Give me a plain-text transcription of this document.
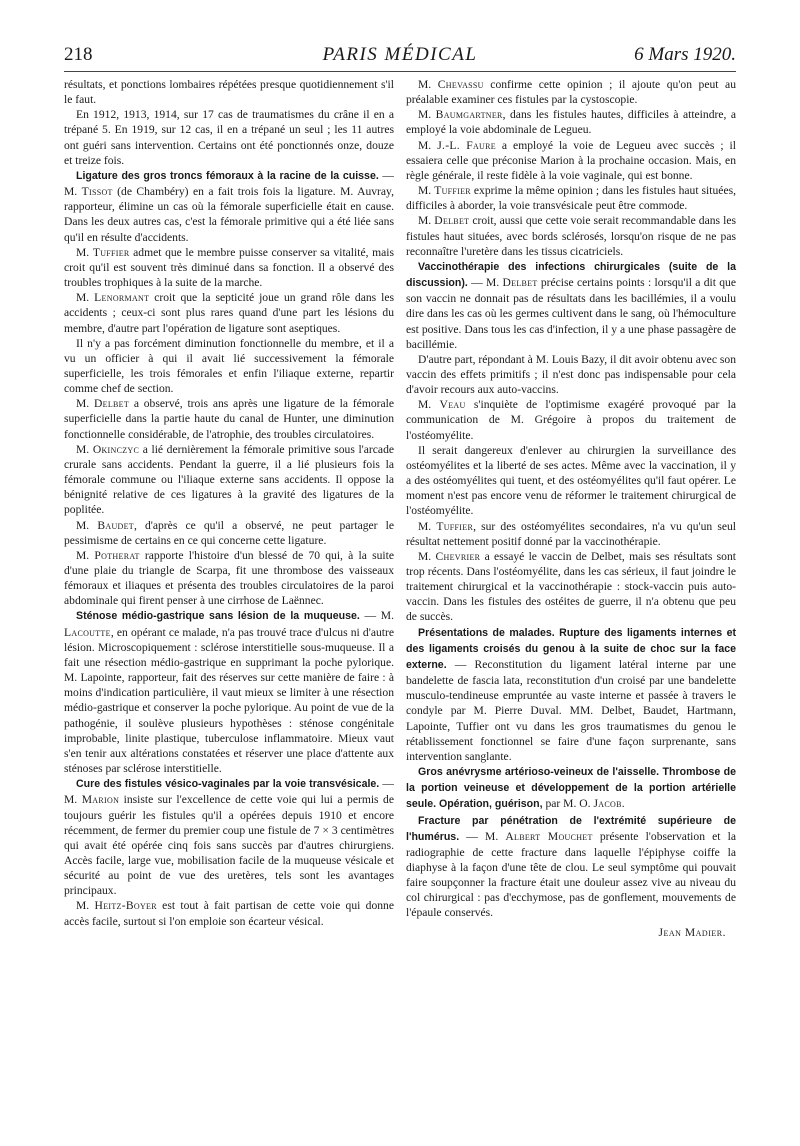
218	PARIS MÉDICAL	6 Mars 1920.

résultats, et ponctions lombaires répétées presque quotidiennement s'il le faut.

En 1912, 1913, 1914, sur 17 cas de traumatismes du crâne il en a trépané 5. En 1919, sur 12 cas, il en a trépané un seul ; les 11 autres ont guéri sans intervention. Certains ont été ponctionnés onze, douze et treize fois.

Ligature des gros troncs fémoraux à la racine de la cuisse. — M. Tissot (de Chambéry) en a fait trois fois la ligature. M. Auvray, rapporteur, élimine un cas où la fémorale superficielle était en cause. Dans les deux autres cas, c'est la fémorale primitive qui a été liée sans qu'il en résulte d'accidents.

M. Tuffier admet que le membre puisse conserver sa vitalité, mais croit qu'il est souvent très diminué dans sa fonction. Il a observé des troubles trophiques à la suite de la marche.

M. Lenormant croit que la septicité joue un grand rôle dans les accidents ; ceux-ci sont plus rares quand d'une part les lésions du membre, d'autre part l'opération de ligature sont aseptiques.

Il n'y a pas forcément diminution fonctionnelle du membre, et il a vu un officier à qui il avait lié successivement la fémorale superficielle, les trois fémorales et enfin l'iliaque externe, repartir comme chef de section.

M. Delbet a observé, trois ans après une ligature de la fémorale superficielle dans la partie haute du canal de Hunter, une diminution fonctionnelle considérable, de l'atrophie, des troubles circulatoires.

M. Okinczyc a lié dernièrement la fémorale primitive sous l'arcade crurale sans accidents. Pendant la guerre, il a lié plusieurs fois la fémorale commune ou l'iliaque externe sans accidents. Il oppose la bénignité relative de ces ligatures à la gravité des ligatures de la poplitée.

M. Baudet, d'après ce qu'il a observé, ne peut partager le pessimisme de certains en ce qui concerne cette ligature.

M. Potherat rapporte l'histoire d'un blessé de 70 qui, à la suite d'une plaie du triangle de Scarpa, fit une thrombose des vaisseaux fémoraux et iliaques et présenta des troubles circulatoires de la paroi abdominale qui firent penser à une cirrhose de Laënnec.

Sténose médio-gastrique sans lésion de la muqueuse. — M. Lacoutte, en opérant ce malade, n'a pas trouvé trace d'ulcus ni d'autre lésion. Microscopiquement : sclérose interstitielle sous-muqueuse. Il a fait une résection médio-gastrique en supprimant la poche pylorique. M. Lapointe, rapporteur, fait des réserves sur cette manière de faire : à moins d'indication particulière, il vaut mieux se limiter à une résection médio-gastrique et conserver la poche pylorique. Au point de vue de la pathogénie, il soulève plusieurs hypothèses : sténose congénitale improbable, linite plastique, tuberculose inflammatoire. Mieux vaut s'en tenir aux altérations constatées et réserver une place d'attente aux sténoses par sclérose interstitielle.

Cure des fistules vésico-vaginales par la voie transvésicale. — M. Marion insiste sur l'excellence de cette voie qui lui a permis de toujours guérir les fistules qu'il a opérées depuis 1910 et encore récemment, de fermer du premier coup une fistule de 7 × 3 centimètres qui avait été opérée cinq fois sans succès par d'autres chirurgiens. Accès facile, large vue, mobilisation facile de la muqueuse vésicale et sécurité au point de vue des uretères, tels sont les avantages principaux.

M. Heitz-Boyer est tout à fait partisan de cette voie qui donne accès facile, surtout si l'on emploie son écarteur vésical.

M. Chevassu confirme cette opinion ; il ajoute qu'on peut au préalable examiner ces fistules par la cystoscopie.

M. Baumgartner, dans les fistules hautes, difficiles à atteindre, a employé la voie abdominale de Legueu.

M. J.-L. Faure a employé la voie de Legueu avec succès ; il essaiera celle que préconise Marion à la prochaine occasion. Mais, en règle générale, il reste fidèle à la voie vaginale, qui est bonne.

M. Tuffier exprime la même opinion ; dans les fistules haut situées, difficiles à aborder, la voie transvésicale peut être commode.

M. Delbet croit, aussi que cette voie serait recommandable dans les fistules haut situées, avec bords sclérosés, lorsqu'on risque de ne pas reconnaître l'uretère dans les tissus cicatriciels.

Vaccinothérapie des infections chirurgicales (suite de la discussion). — M. Delbet précise certains points : lorsqu'il a dit que son vaccin ne donnait pas de résultats dans les bacillémies, il a voulu dire dans les cas où les germes cultivent dans le sang, où l'hémoculture est positive. Dans tous les cas d'infection, il y a une phase passagère de bacillémie.

D'autre part, répondant à M. Louis Bazy, il dit avoir obtenu avec son vaccin des effets primitifs ; il n'est donc pas indispensable pour cela d'avoir recours aux auto-vaccins.

M. Veau s'inquiète de l'optimisme exagéré provoqué par la communication de M. Grégoire à propos du traitement de l'ostéomyélite.

Il serait dangereux d'enlever au chirurgien la surveillance des ostéomyélites et la liberté de ses actes. Même avec la vaccination, il y a des ostéomyélites qui tuent, et des ostéomyélites qu'il faut opérer. Le moment n'est pas encore venu de réformer le traitement chirurgical de l'ostéomyélite.

M. Tuffier, sur des ostéomyélites secondaires, n'a vu qu'un seul résultat nettement positif donné par la vaccinothérapie.

M. Chevrier a essayé le vaccin de Delbet, mais ses résultats sont trop récents. Dans l'ostéomyélite, dans les cas sérieux, il faut joindre le traitement chirurgical et la vaccinothérapie : stock-vaccin puis auto-vaccin. Dans les fistules des ostéites de guerre, il n'a obtenu que peu de succès.

Présentations de malades. Rupture des ligaments internes et des ligaments croisés du genou à la suite de choc sur la face externe. — Reconstitution du ligament latéral interne par une bandelette de fascia lata, reconstitution d'un croisé par une bandelette musculo-tendineuse empruntée au vaste interne et passée à travers le condyle par M. Pierre Duval. MM. Delbet, Baudet, Hartmann, Lapointe, Tuffier ont vu dans les gros traumatismes du genou le rétablissement fonctionnel se faire d'une façon surprenante, sans intervention sanglante.

Gros anévrysme artérioso-veineux de l'aisselle. Thrombose de la portion veineuse et développement de la portion artérielle seule. Opération, guérison, par M. O. Jacob.

Fracture par pénétration de l'extrémité supérieure de l'humérus. — M. Albert Mouchet présente l'observation et la radiographie de cette fracture dans laquelle l'épiphyse coiffe la diaphyse à la façon d'une tête de clou. Le seul symptôme qui pouvait faire soupçonner la fracture était une douleur assez vive au niveau du col chirurgical : pas d'ecchymose, pas de gonflement, mouvements de l'épaule conservés.

Jean Madier.
